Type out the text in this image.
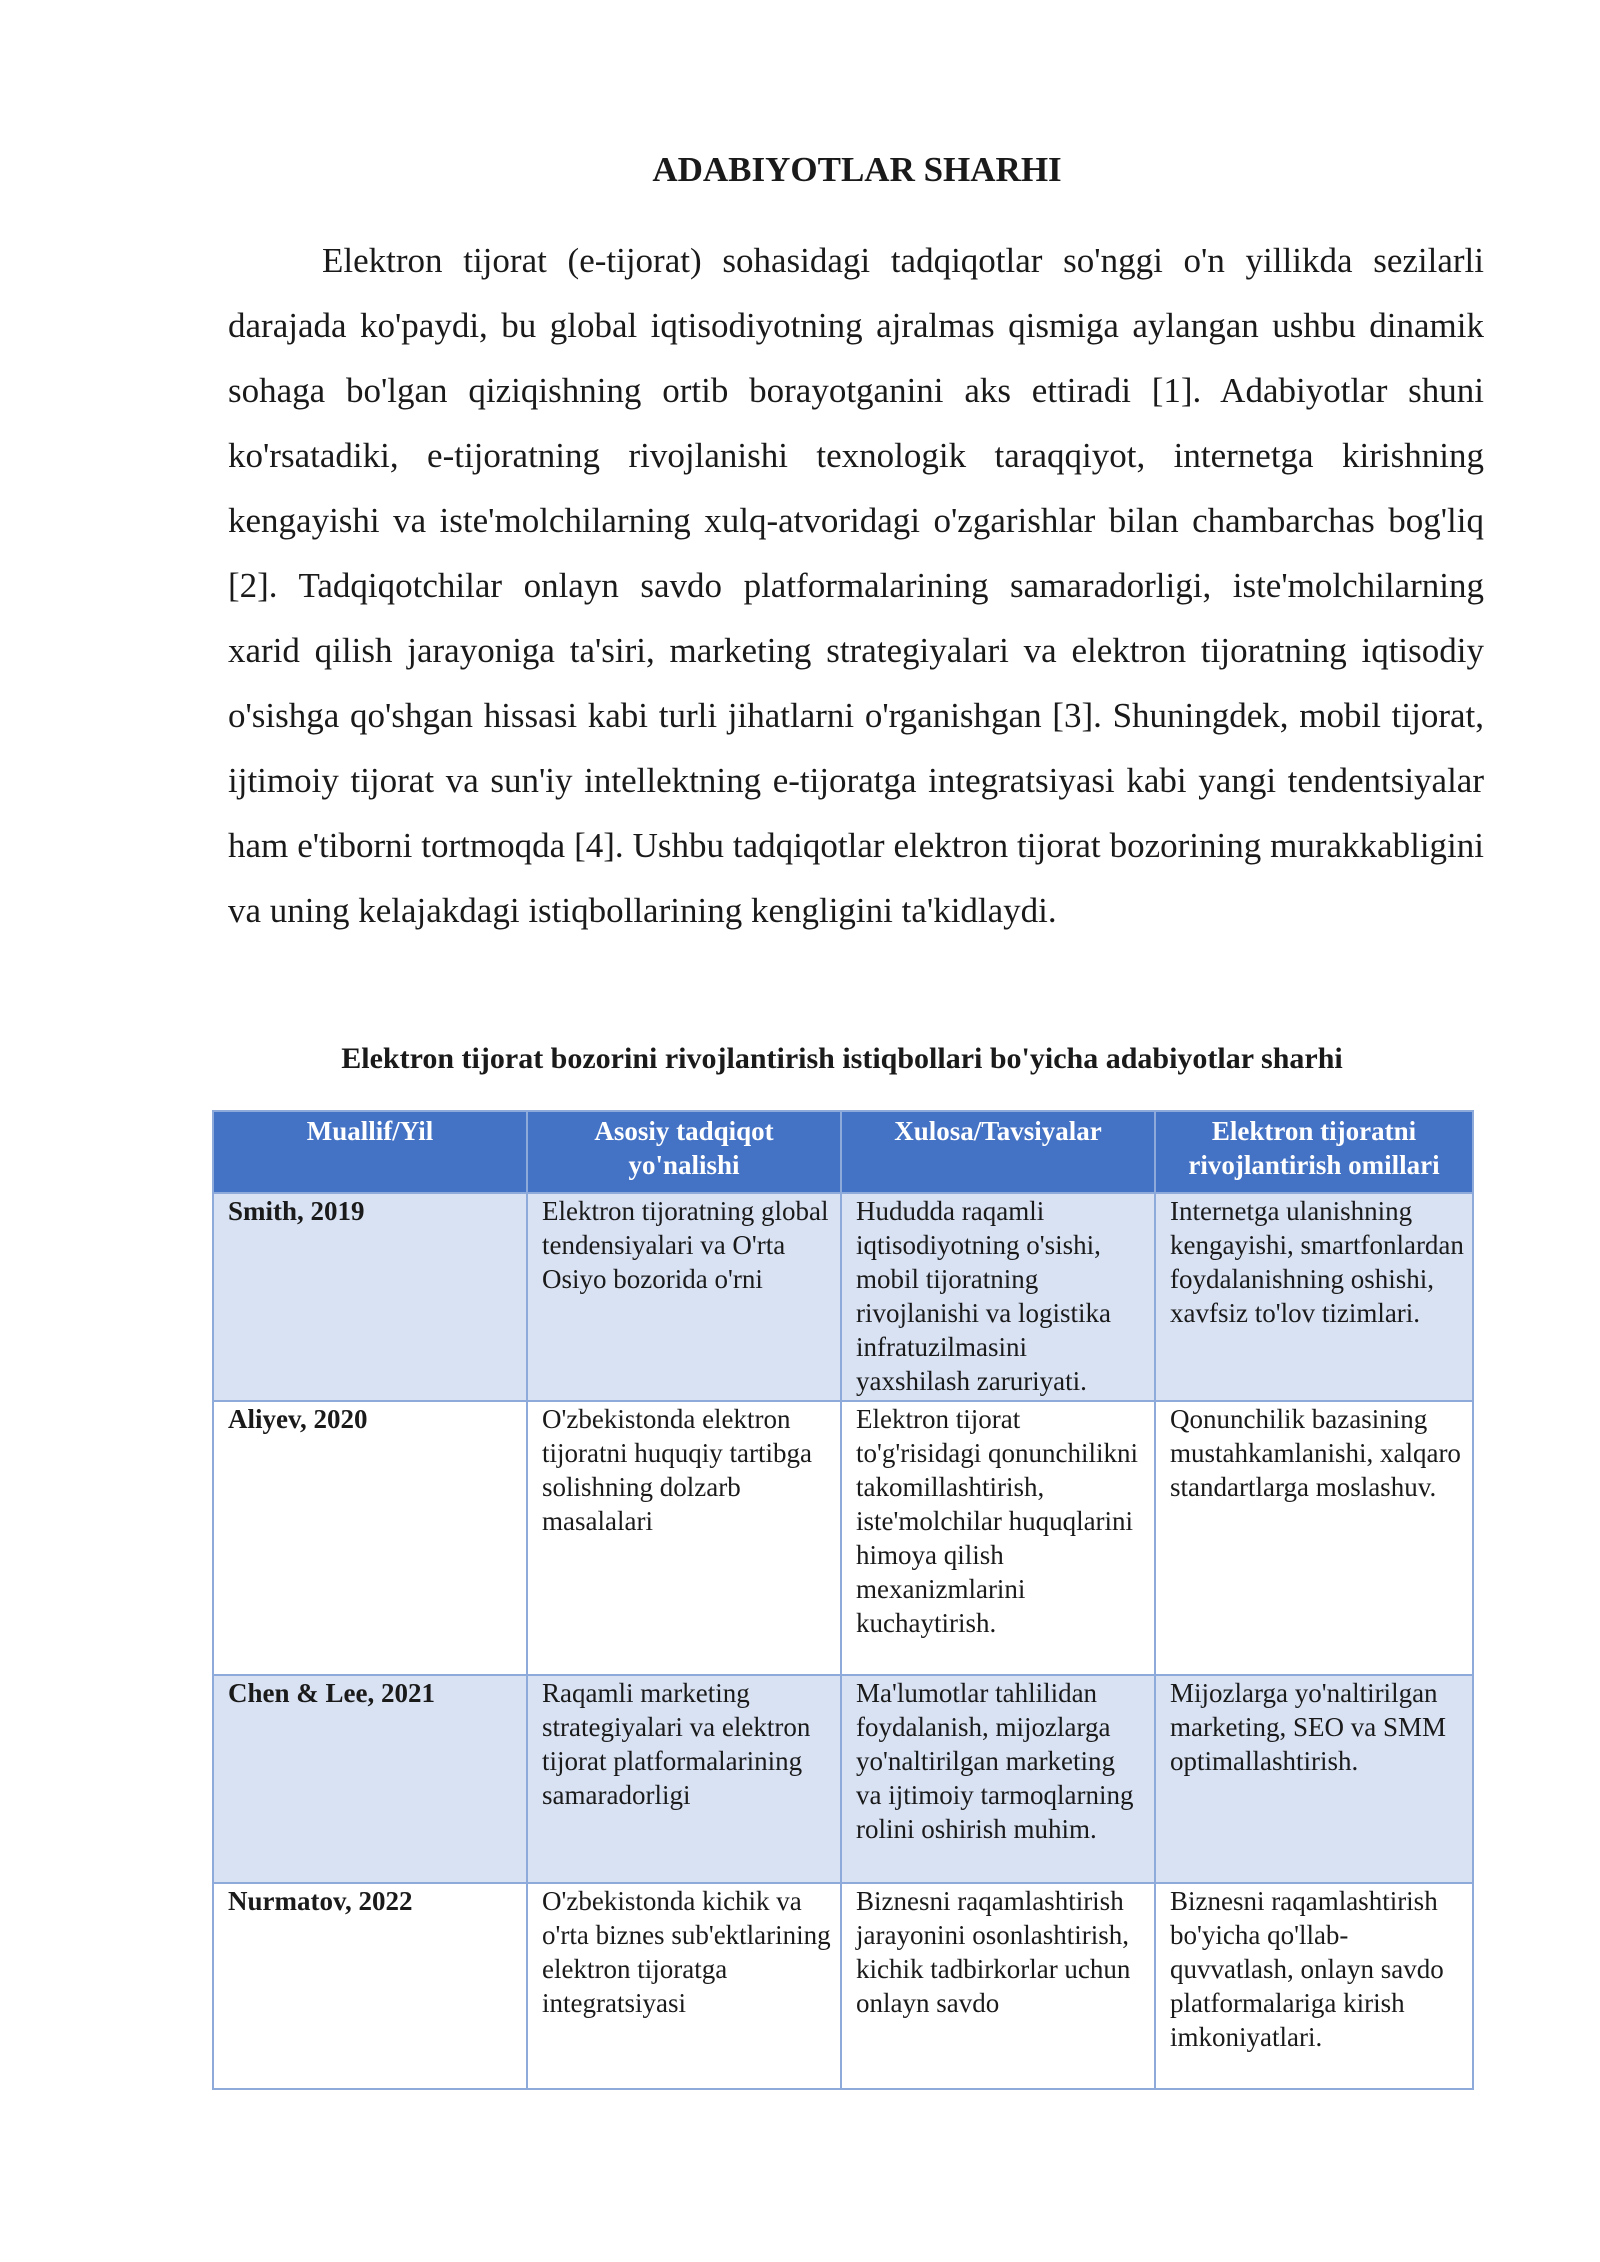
ADABIYOTLAR SHARHI

Elektron tijorat (e-tijorat) sohasidagi tadqiqotlar so'nggi o'n yillikda sezilarli darajada ko'paydi, bu global iqtisodiyotning ajralmas qismiga aylangan ushbu dinamik sohaga bo'lgan qiziqishning ortib borayotganini aks ettiradi [1]. Adabiyotlar shuni ko'rsatadiki, e-tijoratning rivojlanishi texnologik taraqqiyot, internetga kirishning kengayishi va iste'molchilarning xulq-atvoridagi o'zgarishlar bilan chambarchas bog'liq [2]. Tadqiqotchilar onlayn savdo platformalarining samaradorligi, iste'molchilarning xarid qilish jarayoniga ta'siri, marketing strategiyalari va elektron tijoratning iqtisodiy o'sishga qo'shgan hissasi kabi turli jihatlarni o'rganishgan [3]. Shuningdek, mobil tijorat, ijtimoiy tijorat va sun'iy intellektning e-tijoratga integratsiyasi kabi yangi tendentsiyalar ham e'tiborni tortmoqda [4]. Ushbu tadqiqotlar elektron tijorat bozorining murakkabligini va uning kelajakdagi istiqbollarining kengligini ta'kidlaydi.

Elektron tijorat bozorini rivojlantirish istiqbollari bo'yicha adabiyotlar sharhi
Muallif/Yil	Asosiy tadqiqot yo'nalishi	Xulosa/Tavsiyalar	Elektron tijoratni rivojlantirish omillari
Smith, 2019	Elektron tijoratning global tendensiyalari va O'rta Osiyo bozorida o'rni	Hududda raqamli iqtisodiyotning o'sishi, mobil tijoratning rivojlanishi va logistika infratuzilmasini yaxshilash zaruriyati.	Internetga ulanishning kengayishi, smartfonlardan foydalanishning oshishi, xavfsiz to'lov tizimlari.
Aliyev, 2020	O'zbekistonda elektron tijoratni huquqiy tartibga solishning dolzarb masalalari	Elektron tijorat to'g'risidagi qonunchilikni takomillashtirish, iste'molchilar huquqlarini himoya qilish mexanizmlarini kuchaytirish.	Qonunchilik bazasining mustahkamlanishi, xalqaro standartlarga moslashuv.
Chen & Lee, 2021	Raqamli marketing strategiyalari va elektron tijorat platformalarining samaradorligi	Ma'lumotlar tahlilidan foydalanish, mijozlarga yo'naltirilgan marketing va ijtimoiy tarmoqlarning rolini oshirish muhim.	Mijozlarga yo'naltirilgan marketing, SEO va SMM optimallashtirish.
Nurmatov, 2022	O'zbekistonda kichik va o'rta biznes sub'ektlarining elektron tijoratga integratsiyasi	Biznesni raqamlashtirish jarayonini osonlashtirish, kichik tadbirkorlar uchun onlayn savdo	Biznesni raqamlashtirish bo'yicha qo'llab-quvvatlash, onlayn savdo platformalariga kirish imkoniyatlari.
